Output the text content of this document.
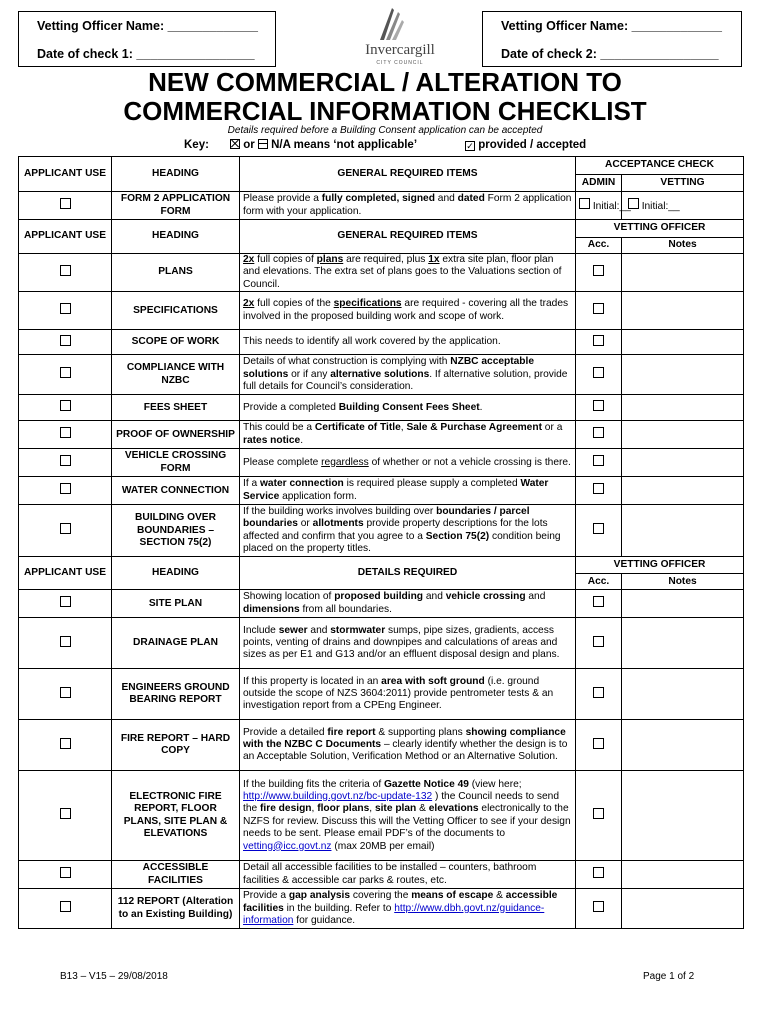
Vetting Officer Name: _____________
Date of check 1: _________________
Vetting Officer Name: _____________
Date of check 2: _________________
Invercargill
CITY COUNCIL
NEW COMMERCIAL / ALTERATION TO
COMMERCIAL INFORMATION CHECKLIST
Details required before a Building Consent application can be accepted
Key:	or N/A means ‘not applicable’	✓ provided / accepted
APPLICANT USE	HEADING	GENERAL REQUIRED ITEMS	ACCEPTANCE CHECK	
			ADMIN	VETTING
	FORM 2 APPLICATION FORM	Please provide a fully completed, signed and dated Form 2 application form with your application.	Initial:__	Initial:__
APPLICANT USE	HEADING	GENERAL REQUIRED ITEMS	VETTING OFFICER	
			Acc.	Notes
	PLANS	2x full copies of plans are required, plus 1x extra site plan, floor plan and elevations. The extra set of plans goes to the Valuations section of Council.		
	SPECIFICATIONS	2x full copies of the specifications are required - covering all the trades involved in the proposed building work and scope of work.		
	SCOPE OF WORK	This needs to identify all work covered by the application.		
	COMPLIANCE WITH NZBC	Details of what construction is complying with NZBC acceptable solutions or if any alternative solutions. If alternative solution, provide full details for Council’s consideration.		
	FEES SHEET	Provide a completed Building Consent Fees Sheet.		
	PROOF OF OWNERSHIP	This could be a Certificate of Title, Sale & Purchase Agreement or a rates notice.		
	VEHICLE CROSSING FORM	Please complete regardless of whether or not a vehicle crossing is there.		
	WATER CONNECTION	If a water connection is required please supply a completed Water Service application form.		
	BUILDING OVER BOUNDARIES – SECTION 75(2)	If the building works involves building over boundaries / parcel boundaries or allotments provide property descriptions for the lots affected and confirm that you agree to a Section 75(2) condition being placed on the property titles.		
APPLICANT USE	HEADING	DETAILS REQUIRED	VETTING OFFICER	
			Acc.	Notes
	SITE PLAN	Showing location of proposed building and vehicle crossing and dimensions from all boundaries.		
	DRAINAGE PLAN	Include sewer and stormwater sumps, pipe sizes, gradients, access points, venting of drains and downpipes and calculations of areas and sizes as per E1 and G13 and/or an effluent disposal design and plans.		
	ENGINEERS GROUND BEARING REPORT	If this property is located in an area with soft ground (i.e. ground outside the scope of NZS 3604:2011) provide pentrometer tests & an investigation report from a CPEng Engineer.		
	FIRE REPORT – HARD COPY	Provide a detailed fire report & supporting plans showing compliance with the NZBC C Documents – clearly identify whether the design is to an Acceptable Solution, Verification Method or an Alternative Solution.		
	ELECTRONIC FIRE REPORT, FLOOR PLANS, SITE PLAN & ELEVATIONS	If the building fits the criteria of Gazette Notice 49 (view here; http://www.building.govt.nz/bc-update-132 ) the Council needs to send the fire design, floor plans, site plan & elevations electronically to the NZFS for review. Discuss this will the Vetting Officer to see if your design needs to be sent. Please email PDF’s of the documents to vetting@icc.govt.nz (max 20MB per email)		
	ACCESSIBLE FACILITIES	Detail all accessible facilities to be installed – counters, bathroom facilities & accessible car parks & routes, etc.		
	112 REPORT (Alteration to an Existing Building)	Provide a gap analysis covering the means of escape & accessible facilities in the building. Refer to http://www.dbh.govt.nz/guidance-information for guidance.		
B13 – V15 – 29/08/2018	Page 1 of 2
